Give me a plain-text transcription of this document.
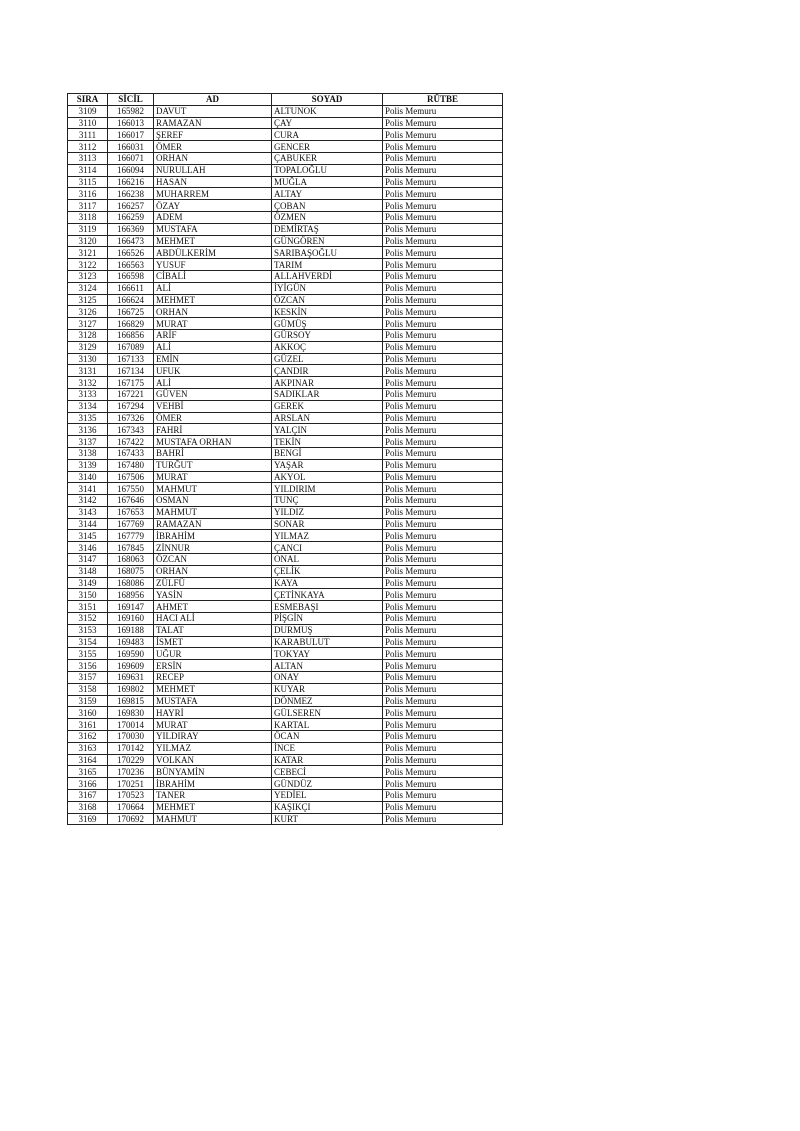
SIRA	SİCİL	AD	SOYAD	RÜTBE
3109	165982	DAVUT	ALTUNOK	Polis Memuru
3110	166013	RAMAZAN	ÇAY	Polis Memuru
3111	166017	ŞEREF	CURA	Polis Memuru
3112	166031	ÖMER	GENCER	Polis Memuru
3113	166071	ORHAN	ÇABUKER	Polis Memuru
3114	166094	NURULLAH	TOPALOĞLU	Polis Memuru
3115	166216	HASAN	MUĞLA	Polis Memuru
3116	166238	MUHARREM	ALTAY	Polis Memuru
3117	166257	ÖZAY	ÇOBAN	Polis Memuru
3118	166259	ADEM	ÖZMEN	Polis Memuru
3119	166369	MUSTAFA	DEMİRTAŞ	Polis Memuru
3120	166473	MEHMET	GÜNGÖREN	Polis Memuru
3121	166526	ABDÜLKERİM	SARIBAŞOĞLU	Polis Memuru
3122	166563	YUSUF	TARIM	Polis Memuru
3123	166598	CİBALİ	ALLAHVERDİ	Polis Memuru
3124	166611	ALİ	İYİGÜN	Polis Memuru
3125	166624	MEHMET	ÖZCAN	Polis Memuru
3126	166725	ORHAN	KESKİN	Polis Memuru
3127	166829	MURAT	GÜMÜŞ	Polis Memuru
3128	166856	ARİF	GÜRSOY	Polis Memuru
3129	167089	ALİ	AKKOÇ	Polis Memuru
3130	167133	EMİN	GÜZEL	Polis Memuru
3131	167134	UFUK	ÇANDIR	Polis Memuru
3132	167175	ALİ	AKPINAR	Polis Memuru
3133	167221	GÜVEN	SADIKLAR	Polis Memuru
3134	167294	VEHBİ	GEREK	Polis Memuru
3135	167326	ÖMER	ARSLAN	Polis Memuru
3136	167343	FAHRİ	YALÇIN	Polis Memuru
3137	167422	MUSTAFA ORHAN	TEKİN	Polis Memuru
3138	167433	BAHRİ	BENGİ	Polis Memuru
3139	167480	TURĞUT	YAŞAR	Polis Memuru
3140	167506	MURAT	AKYOL	Polis Memuru
3141	167550	MAHMUT	YILDIRIM	Polis Memuru
3142	167646	OSMAN	TUNÇ	Polis Memuru
3143	167653	MAHMUT	YILDIZ	Polis Memuru
3144	167769	RAMAZAN	SONAR	Polis Memuru
3145	167779	İBRAHİM	YILMAZ	Polis Memuru
3146	167845	ZİNNUR	ÇANCI	Polis Memuru
3147	168063	ÖZCAN	ONAL	Polis Memuru
3148	168075	ORHAN	ÇELİK	Polis Memuru
3149	168086	ZÜLFÜ	KAYA	Polis Memuru
3150	168956	YASİN	ÇETİNKAYA	Polis Memuru
3151	169147	AHMET	ESMEBAŞI	Polis Memuru
3152	169160	HACI ALİ	PİŞGİN	Polis Memuru
3153	169188	TALAT	DURMUŞ	Polis Memuru
3154	169483	İSMET	KARABULUT	Polis Memuru
3155	169590	UĞUR	TOKYAY	Polis Memuru
3156	169609	ERSİN	ALTAN	Polis Memuru
3157	169631	RECEP	ONAY	Polis Memuru
3158	169802	MEHMET	KUYAR	Polis Memuru
3159	169815	MUSTAFA	DÖNMEZ	Polis Memuru
3160	169830	HAYRİ	GÜLSEREN	Polis Memuru
3161	170014	MURAT	KARTAL	Polis Memuru
3162	170030	YILDIRAY	ÖCAN	Polis Memuru
3163	170142	YILMAZ	İNCE	Polis Memuru
3164	170229	VOLKAN	KATAR	Polis Memuru
3165	170236	BÜNYAMİN	CEBECİ	Polis Memuru
3166	170251	İBRAHİM	GÜNDÜZ	Polis Memuru
3167	170523	TANER	YEDİEL	Polis Memuru
3168	170664	MEHMET	KAŞIKÇI	Polis Memuru
3169	170692	MAHMUT	KURT	Polis Memuru
